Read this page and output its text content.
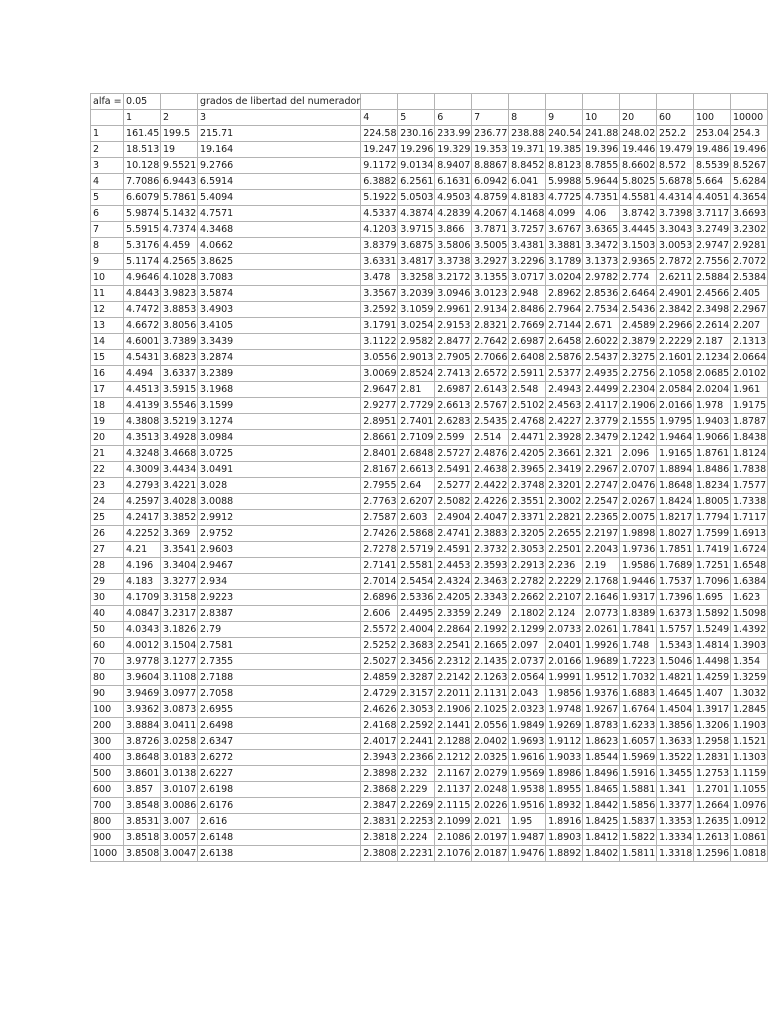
alfa =	0.05		grados de libertad del numerador											
	1	2	3	4	5	6	7	8	9	10	20	60	100	10000
1	161.45	199.5	215.71	224.58	230.16	233.99	236.77	238.88	240.54	241.88	248.02	252.2	253.04	254.3
2	18.513	19	19.164	19.247	19.296	19.329	19.353	19.371	19.385	19.396	19.446	19.479	19.486	19.496
3	10.128	9.5521	9.2766	9.1172	9.0134	8.9407	8.8867	8.8452	8.8123	8.7855	8.6602	8.572	8.5539	8.5267
4	7.7086	6.9443	6.5914	6.3882	6.2561	6.1631	6.0942	6.041	5.9988	5.9644	5.8025	5.6878	5.664	5.6284
5	6.6079	5.7861	5.4094	5.1922	5.0503	4.9503	4.8759	4.8183	4.7725	4.7351	4.5581	4.4314	4.4051	4.3654
6	5.9874	5.1432	4.7571	4.5337	4.3874	4.2839	4.2067	4.1468	4.099	4.06	3.8742	3.7398	3.7117	3.6693
7	5.5915	4.7374	4.3468	4.1203	3.9715	3.866	3.7871	3.7257	3.6767	3.6365	3.4445	3.3043	3.2749	3.2302
8	5.3176	4.459	4.0662	3.8379	3.6875	3.5806	3.5005	3.4381	3.3881	3.3472	3.1503	3.0053	2.9747	2.9281
9	5.1174	4.2565	3.8625	3.6331	3.4817	3.3738	3.2927	3.2296	3.1789	3.1373	2.9365	2.7872	2.7556	2.7072
10	4.9646	4.1028	3.7083	3.478	3.3258	3.2172	3.1355	3.0717	3.0204	2.9782	2.774	2.6211	2.5884	2.5384
11	4.8443	3.9823	3.5874	3.3567	3.2039	3.0946	3.0123	2.948	2.8962	2.8536	2.6464	2.4901	2.4566	2.405
12	4.7472	3.8853	3.4903	3.2592	3.1059	2.9961	2.9134	2.8486	2.7964	2.7534	2.5436	2.3842	2.3498	2.2967
13	4.6672	3.8056	3.4105	3.1791	3.0254	2.9153	2.8321	2.7669	2.7144	2.671	2.4589	2.2966	2.2614	2.207
14	4.6001	3.7389	3.3439	3.1122	2.9582	2.8477	2.7642	2.6987	2.6458	2.6022	2.3879	2.2229	2.187	2.1313
15	4.5431	3.6823	3.2874	3.0556	2.9013	2.7905	2.7066	2.6408	2.5876	2.5437	2.3275	2.1601	2.1234	2.0664
16	4.494	3.6337	3.2389	3.0069	2.8524	2.7413	2.6572	2.5911	2.5377	2.4935	2.2756	2.1058	2.0685	2.0102
17	4.4513	3.5915	3.1968	2.9647	2.81	2.6987	2.6143	2.548	2.4943	2.4499	2.2304	2.0584	2.0204	1.961
18	4.4139	3.5546	3.1599	2.9277	2.7729	2.6613	2.5767	2.5102	2.4563	2.4117	2.1906	2.0166	1.978	1.9175
19	4.3808	3.5219	3.1274	2.8951	2.7401	2.6283	2.5435	2.4768	2.4227	2.3779	2.1555	1.9795	1.9403	1.8787
20	4.3513	3.4928	3.0984	2.8661	2.7109	2.599	2.514	2.4471	2.3928	2.3479	2.1242	1.9464	1.9066	1.8438
21	4.3248	3.4668	3.0725	2.8401	2.6848	2.5727	2.4876	2.4205	2.3661	2.321	2.096	1.9165	1.8761	1.8124
22	4.3009	3.4434	3.0491	2.8167	2.6613	2.5491	2.4638	2.3965	2.3419	2.2967	2.0707	1.8894	1.8486	1.7838
23	4.2793	3.4221	3.028	2.7955	2.64	2.5277	2.4422	2.3748	2.3201	2.2747	2.0476	1.8648	1.8234	1.7577
24	4.2597	3.4028	3.0088	2.7763	2.6207	2.5082	2.4226	2.3551	2.3002	2.2547	2.0267	1.8424	1.8005	1.7338
25	4.2417	3.3852	2.9912	2.7587	2.603	2.4904	2.4047	2.3371	2.2821	2.2365	2.0075	1.8217	1.7794	1.7117
26	4.2252	3.369	2.9752	2.7426	2.5868	2.4741	2.3883	2.3205	2.2655	2.2197	1.9898	1.8027	1.7599	1.6913
27	4.21	3.3541	2.9603	2.7278	2.5719	2.4591	2.3732	2.3053	2.2501	2.2043	1.9736	1.7851	1.7419	1.6724
28	4.196	3.3404	2.9467	2.7141	2.5581	2.4453	2.3593	2.2913	2.236	2.19	1.9586	1.7689	1.7251	1.6548
29	4.183	3.3277	2.934	2.7014	2.5454	2.4324	2.3463	2.2782	2.2229	2.1768	1.9446	1.7537	1.7096	1.6384
30	4.1709	3.3158	2.9223	2.6896	2.5336	2.4205	2.3343	2.2662	2.2107	2.1646	1.9317	1.7396	1.695	1.623
40	4.0847	3.2317	2.8387	2.606	2.4495	2.3359	2.249	2.1802	2.124	2.0773	1.8389	1.6373	1.5892	1.5098
50	4.0343	3.1826	2.79	2.5572	2.4004	2.2864	2.1992	2.1299	2.0733	2.0261	1.7841	1.5757	1.5249	1.4392
60	4.0012	3.1504	2.7581	2.5252	2.3683	2.2541	2.1665	2.097	2.0401	1.9926	1.748	1.5343	1.4814	1.3903
70	3.9778	3.1277	2.7355	2.5027	2.3456	2.2312	2.1435	2.0737	2.0166	1.9689	1.7223	1.5046	1.4498	1.354
80	3.9604	3.1108	2.7188	2.4859	2.3287	2.2142	2.1263	2.0564	1.9991	1.9512	1.7032	1.4821	1.4259	1.3259
90	3.9469	3.0977	2.7058	2.4729	2.3157	2.2011	2.1131	2.043	1.9856	1.9376	1.6883	1.4645	1.407	1.3032
100	3.9362	3.0873	2.6955	2.4626	2.3053	2.1906	2.1025	2.0323	1.9748	1.9267	1.6764	1.4504	1.3917	1.2845
200	3.8884	3.0411	2.6498	2.4168	2.2592	2.1441	2.0556	1.9849	1.9269	1.8783	1.6233	1.3856	1.3206	1.1903
300	3.8726	3.0258	2.6347	2.4017	2.2441	2.1288	2.0402	1.9693	1.9112	1.8623	1.6057	1.3633	1.2958	1.1521
400	3.8648	3.0183	2.6272	2.3943	2.2366	2.1212	2.0325	1.9616	1.9033	1.8544	1.5969	1.3522	1.2831	1.1303
500	3.8601	3.0138	2.6227	2.3898	2.232	2.1167	2.0279	1.9569	1.8986	1.8496	1.5916	1.3455	1.2753	1.1159
600	3.857	3.0107	2.6198	2.3868	2.229	2.1137	2.0248	1.9538	1.8955	1.8465	1.5881	1.341	1.2701	1.1055
700	3.8548	3.0086	2.6176	2.3847	2.2269	2.1115	2.0226	1.9516	1.8932	1.8442	1.5856	1.3377	1.2664	1.0976
800	3.8531	3.007	2.616	2.3831	2.2253	2.1099	2.021	1.95	1.8916	1.8425	1.5837	1.3353	1.2635	1.0912
900	3.8518	3.0057	2.6148	2.3818	2.224	2.1086	2.0197	1.9487	1.8903	1.8412	1.5822	1.3334	1.2613	1.0861
1000	3.8508	3.0047	2.6138	2.3808	2.2231	2.1076	2.0187	1.9476	1.8892	1.8402	1.5811	1.3318	1.2596	1.0818
